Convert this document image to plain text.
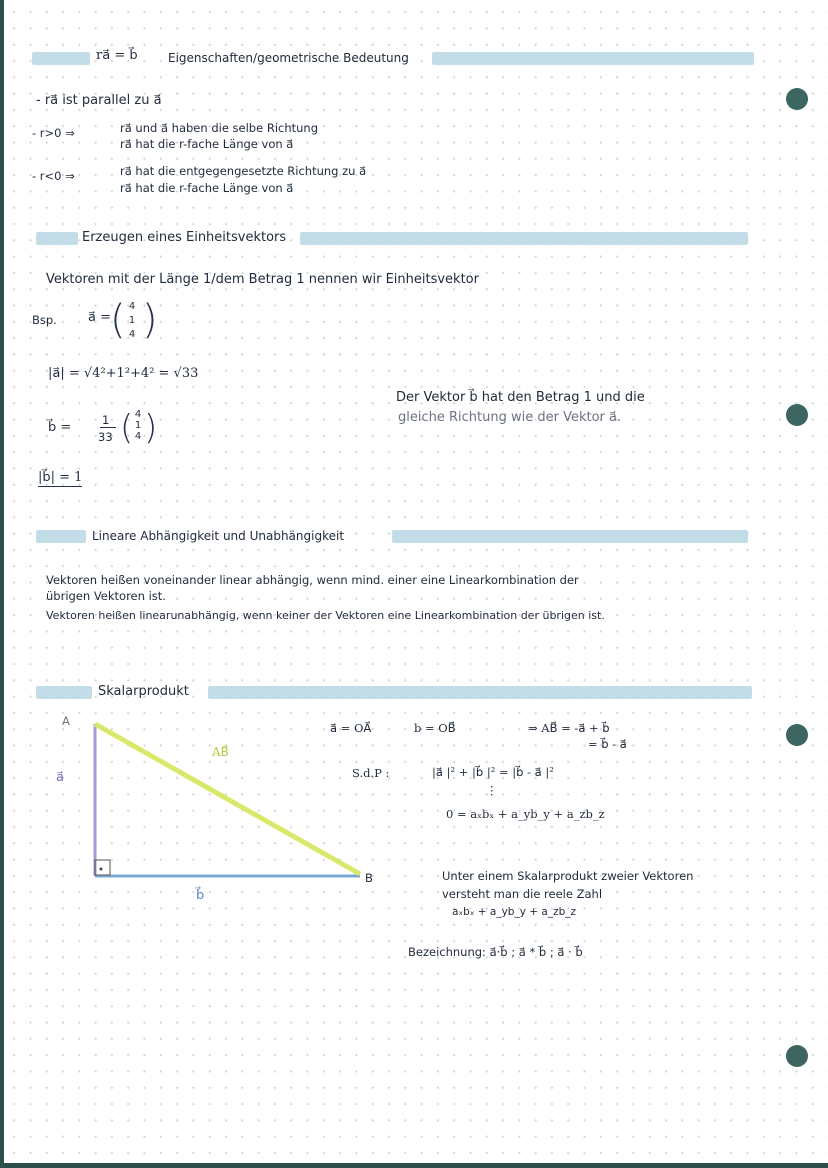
ra⃗ = b⃗	Eigenschaften/geometrische Bedeutung
- ra⃗ ist parallel zu a⃗
- r>0 ⇒	ra⃗ und a⃗ haben die selbe Richtung
ra⃗ hat die r-fache Länge von a⃗
- r<0 ⇒	ra⃗ hat die entgegengesetzte Richtung zu a⃗
ra⃗ hat die r-fache Länge von a⃗
Erzeugen eines Einheitsvektors
Vektoren mit der Länge 1/dem Betrag 1 nennen wir Einheitsvektor
Bsp. a⃗ = ( 4
1
4 )
|a⃗| = √4²+1²+4² = √33
b⃗ =	1
33 ( 4
1
4 )
|b⃗| = 1
Der Vektor b⃗ hat den Betrag 1 und die
gleiche Richtung wie der Vektor a⃗.
Lineare Abhängigkeit und Unabhängigkeit
Vektoren heißen voneinander linear abhängig, wenn mind. einer eine Linearkombination der
übrigen Vektoren ist.
Vektoren heißen linearunabhängig, wenn keiner der Vektoren eine Linearkombination der übrigen ist.
Skalarprodukt
A
B
a⃗
b⃗
AB⃗
a⃗ = OA⃗	b = OB⃗	⇒ AB⃗ = -a⃗ + b⃗
= b⃗ - a⃗
S.d.P :	|a⃗ |² + |b⃗ |² = |b⃗ - a⃗ |²
⋮
0 = aₓbₓ + a_yb_y + a_zb_z
Unter einem Skalarprodukt zweier Vektoren
versteht man die reele Zahl
aₓbₓ + a_yb_y + a_zb_z
Bezeichnung: a⃗·b⃗ ; a⃗ * b⃗ ; a⃗ · b⃗
